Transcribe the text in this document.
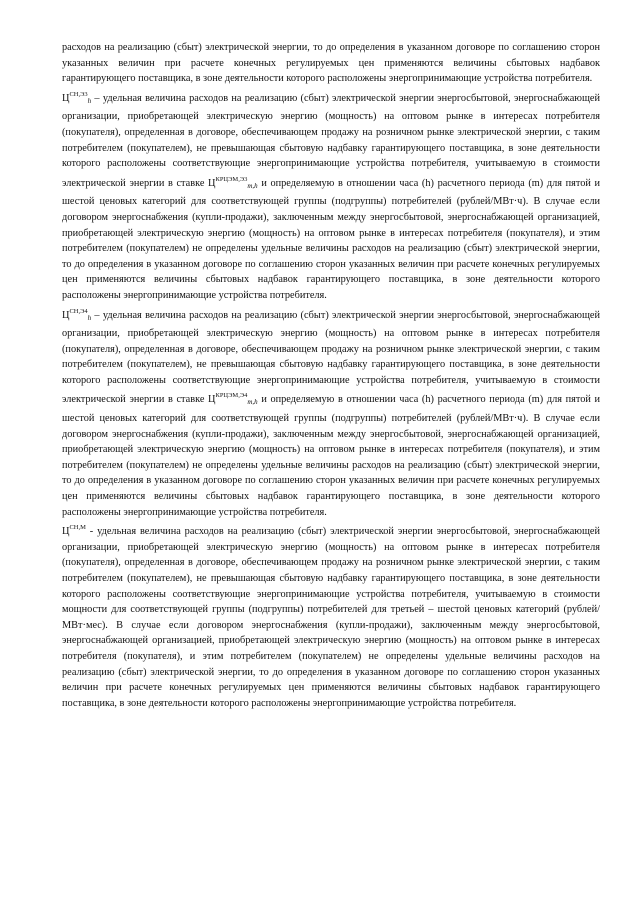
расходов на реализацию (сбыт) электрической энергии, то до определения в указанном договоре по соглашению сторон указанных величин при расчете конечных регулируемых цен применяются величины сбытовых надбавок гарантирующего поставщика, в зоне деятельности которого расположены энергопринимающие устройства потребителя.

$Ц^{СН,Э3}_h$ – удельная величина расходов на реализацию (сбыт) электрической энергии энергосбытовой, энергоснабжающей организации, приобретающей электрическую энергию (мощность) на оптовом рынке в интересах потребителя (покупателя), определенная в договоре, обеспечивающем продажу на розничном рынке электрической энергии, с таким потребителем (покупателем), не превышающая сбытовую надбавку гарантирующего поставщика, в зоне деятельности которого расположены соответствующие энергопринимающие устройства потребителя, учитываемую в стоимости электрической энергии в ставке $Ц^{КРЦЭМ,Э3}_{m,h}$ и определяемую в отношении часа (h) расчетного периода (m) для пятой и шестой ценовых категорий для соответствующей группы (подгруппы) потребителей (рублей/МВт·ч). В случае если договором энергоснабжения (купли-продажи), заключенным между энергосбытовой, энергоснабжающей организацией, приобретающей электрическую энергию (мощность) на оптовом рынке в интересах потребителя (покупателя), и этим потребителем (покупателем) не определены удельные величины расходов на реализацию (сбыт) электрической энергии, то до определения в указанном договоре по соглашению сторон указанных величин при расчете конечных регулируемых цен применяются величины сбытовых надбавок гарантирующего поставщика, в зоне деятельности которого расположены энергопринимающие устройства потребителя.

$Ц^{СН,Э4}_h$ – удельная величина расходов на реализацию (сбыт) электрической энергии энергосбытовой, энергоснабжающей организации, приобретающей электрическую энергию (мощность) на оптовом рынке в интересах потребителя (покупателя), определенная в договоре, обеспечивающем продажу на розничном рынке электрической энергии, с таким потребителем (покупателем), не превышающая сбытовую надбавку гарантирующего поставщика, в зоне деятельности которого расположены соответствующие энергопринимающие устройства потребителя, учитываемую в стоимости электрической энергии в ставке $Ц^{КРЦЭМ,Э4}_{m,h}$ и определяемую в отношении часа (h) расчетного периода (m) для пятой и шестой ценовых категорий для соответствующей группы (подгруппы) потребителей (рублей/МВт·ч). В случае если договором энергоснабжения (купли-продажи), заключенным между энергосбытовой, энергоснабжающей организацией, приобретающей электрическую энергию (мощность) на оптовом рынке в интересах потребителя (покупателя), и этим потребителем (покупателем) не определены удельные величины расходов на реализацию (сбыт) электрической энергии, то до определения в указанном договоре по соглашению сторон указанных величин при расчете конечных регулируемых цен применяются величины сбытовых надбавок гарантирующего поставщика, в зоне деятельности которого расположены энергопринимающие устройства потребителя.

$Ц^{СН,М}$ - удельная величина расходов на реализацию (сбыт) электрической энергии энергосбытовой, энергоснабжающей организации, приобретающей электрическую энергию (мощность) на оптовом рынке в интересах потребителя (покупателя), определенная в договоре, обеспечивающем продажу на розничном рынке электрической энергии, с таким потребителем (покупателем), не превышающая сбытовую надбавку гарантирующего поставщика, в зоне деятельности которого расположены соответствующие энергопринимающие устройства потребителя, учитываемую в стоимости мощности для соответствующей группы (подгруппы) потребителей для третьей – шестой ценовых категорий (рублей/МВт·мес). В случае если договором энергоснабжения (купли-продажи), заключенным между энергосбытовой, энергоснабжающей организацией, приобретающей электрическую энергию (мощность) на оптовом рынке в интересах потребителя (покупателя), и этим потребителем (покупателем) не определены удельные величины расходов на реализацию (сбыт) электрической энергии, то до определения в указанном договоре по соглашению сторон указанных величин при расчете конечных регулируемых цен применяются величины сбытовых надбавок гарантирующего поставщика, в зоне деятельности которого расположены энергопринимающие устройства потребителя.
